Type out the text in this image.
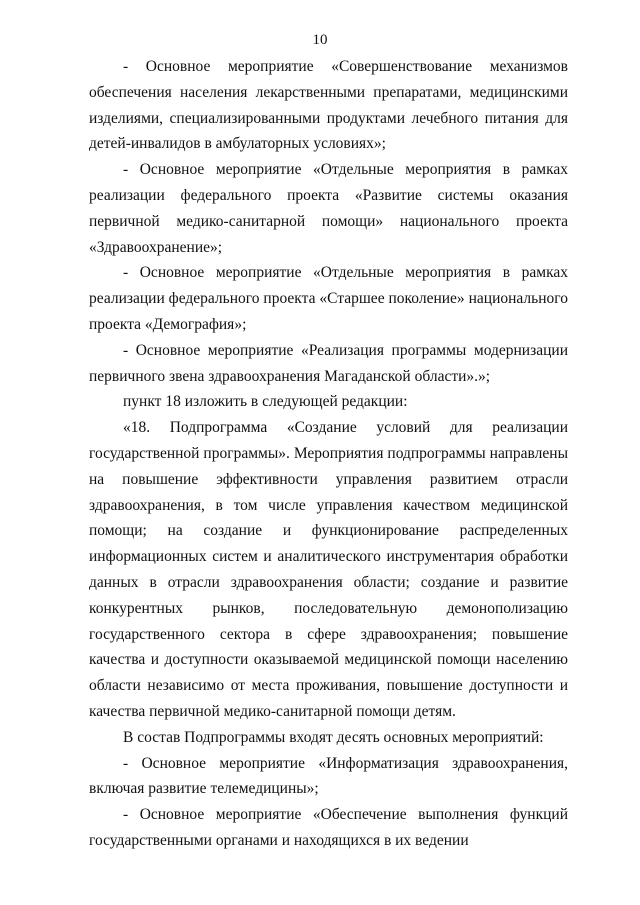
10

- Основное мероприятие «Совершенствование механизмов обеспечения населения лекарственными препаратами, медицинскими изделиями, специализированными продуктами лечебного питания для детей-инвалидов в амбулаторных условиях»;

- Основное мероприятие «Отдельные мероприятия в рамках реализации федерального проекта «Развитие системы оказания первичной медико-санитарной помощи» национального проекта «Здравоохранение»;

- Основное мероприятие «Отдельные мероприятия в рамках реализации федерального проекта «Старшее поколение» национального проекта «Демография»;

- Основное мероприятие «Реализация программы модернизации первичного звена здравоохранения Магаданской области».»;

пункт 18 изложить в следующей редакции:

«18. Подпрограмма «Создание условий для реализации государственной программы». Мероприятия подпрограммы направлены на повышение эффективности управления развитием отрасли здравоохранения, в том числе управления качеством медицинской помощи; на создание и функционирование распределенных информационных систем и аналитического инструментария обработки данных в отрасли здравоохранения области; создание и развитие конкурентных рынков, последовательную демонополизацию государственного сектора в сфере здравоохранения; повышение качества и доступности оказываемой медицинской помощи населению области независимо от места проживания, повышение доступности и качества первичной медико-санитарной помощи детям.

В состав Подпрограммы входят десять основных мероприятий:

- Основное мероприятие «Информатизация здравоохранения, включая развитие телемедицины»;

- Основное мероприятие «Обеспечение выполнения функций государственными органами и находящихся в их ведении
